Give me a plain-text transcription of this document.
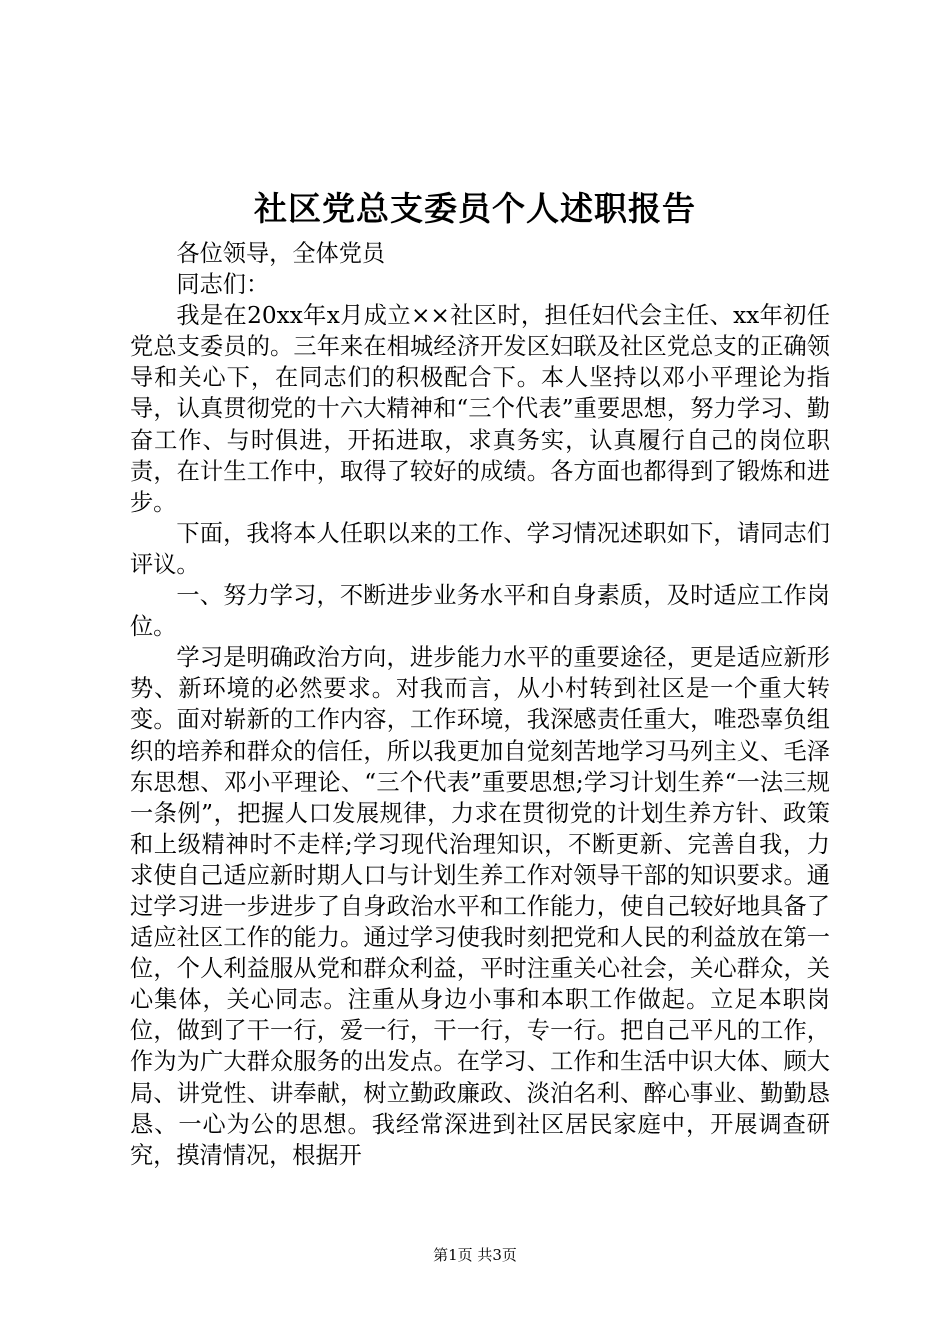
社区党总支委员个人述职报告

各位领导，全体党员

同志们：

我是在20xx年x月成立××社区时，担任妇代会主任、xx年初任党总支委员的。三年来在相城经济开发区妇联及社区党总支的正确领导和关心下，在同志们的积极配合下。本人坚持以邓小平理论为指导，认真贯彻党的十六大精神和“三个代表”重要思想，努力学习、勤奋工作、与时俱进，开拓进取，求真务实，认真履行自己的岗位职责，在计生工作中，取得了较好的成绩。各方面也都得到了锻炼和进步。

下面，我将本人任职以来的工作、学习情况述职如下，请同志们评议。

一、努力学习，不断进步业务水平和自身素质，及时适应工作岗位。

学习是明确政治方向，进步能力水平的重要途径，更是适应新形势、新环境的必然要求。对我而言，从小村转到社区是一个重大转变。面对崭新的工作内容，工作环境，我深感责任重大，唯恐辜负组织的培养和群众的信任，所以我更加自觉刻苦地学习马列主义、毛泽东思想、邓小平理论、“三个代表”重要思想;学习计划生养“一法三规一条例”，把握人口发展规律，力求在贯彻党的计划生养方针、政策和上级精神时不走样;学习现代治理知识，不断更新、完善自我，力求使自己适应新时期人口与计划生养工作对领导干部的知识要求。通过学习进一步进步了自身政治水平和工作能力，使自己较好地具备了适应社区工作的能力。通过学习使我时刻把党和人民的利益放在第一位，个人利益服从党和群众利益，平时注重关心社会，关心群众，关心集体，关心同志。注重从身边小事和本职工作做起。立足本职岗位，做到了干一行，爱一行，干一行，专一行。把自己平凡的工作，作为为广大群众服务的出发点。在学习、工作和生活中识大体、顾大局、讲党性、讲奉献，树立勤政廉政、淡泊名利、醉心事业、勤勤恳恳、一心为公的思想。我经常深进到社区居民家庭中，开展调查研究，摸清情况，根据开

第1页 共3页
